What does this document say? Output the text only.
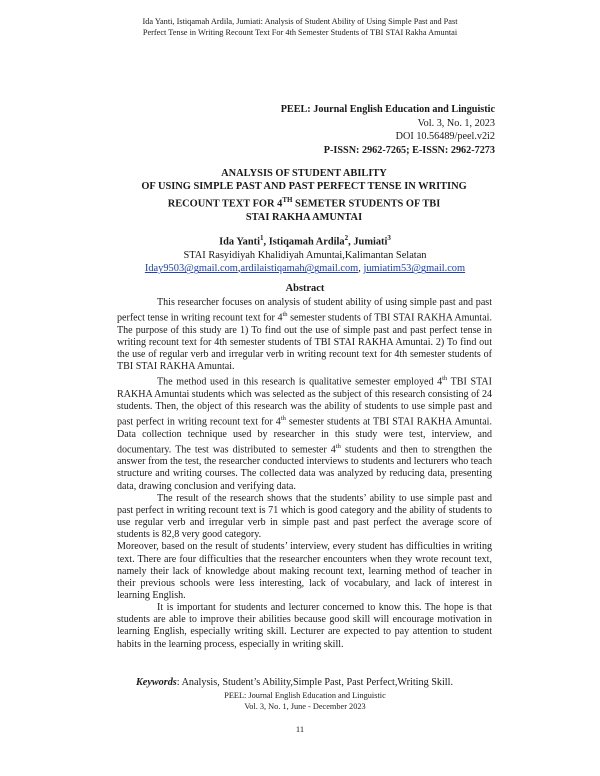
Ida Yanti, Istiqamah Ardila, Jumiati: Analysis of Student Ability of Using Simple Past and Past
Perfect Tense in Writing Recount Text For 4th Semester Students of TBI STAI Rakha Amuntai
PEEL: Journal English Education and Linguistic
Vol. 3, No. 1, 2023
DOI 10.56489/peel.v2i2
P-ISSN: 2962-7265; E-ISSN: 2962-7273
ANALYSIS OF STUDENT ABILITY
OF USING SIMPLE PAST AND PAST PERFECT TENSE IN WRITING
RECOUNT TEXT FOR 4TH SEMETER STUDENTS OF TBI
STAI RAKHA AMUNTAI
Ida Yanti$^1$, Istiqamah Ardila$^2$, Jumiati$^3$
STAI Rasyidiyah Khalidiyah Amuntai,Kalimantan Selatan
Iday9503@gmail.com,ardilaistiqamah@gmail.com, jumiatim53@gmail.com
Abstract

This researcher focuses on analysis of student ability of using simple past and past perfect tense in writing recount text for 4th semester students of TBI STAI RAKHA Amuntai. The purpose of this study are 1) To find out the use of simple past and past perfect tense in writing recount text for 4th semester students of TBI STAI RAKHA Amuntai. 2) To find out the use of regular verb and irregular verb in writing recount text for 4th semester students of TBI STAI RAKHA Amuntai.

The method used in this research is qualitative semester employed 4th TBI STAI RAKHA Amuntai students which was selected as the subject of this research consisting of 24 students. Then, the object of this research was the ability of students to use simple past and past perfect in writing recount text for 4th semester students at TBI STAI RAKHA Amuntai. Data collection technique used by researcher in this study were test, interview, and documentary. The test was distributed to semester 4th students and then to strengthen the answer from the test, the researcher conducted interviews to students and lecturers who teach structure and writing courses. The collected data was analyzed by reducing data, presenting data, drawing conclusion and verifying data.

The result of the research shows that the students’ ability to use simple past and past perfect in writing recount text is 71 which is good category and the ability of students to use regular verb and irregular verb in simple past and past perfect the average score of students is 82,8 very good category.

Moreover, based on the result of students’ interview, every student has difficulties in writing text. There are four difficulties that the researcher encounters when they wrote recount text, namely their lack of knowledge about making recount text, learning method of teacher in their previous schools were less interesting, lack of vocabulary, and lack of interest in learning English.

It is important for students and lecturer concerned to know this. The hope is that students are able to improve their abilities because good skill will encourage motivation in learning English, especially writing skill. Lecturer are expected to pay attention to student habits in the learning process, especially in writing skill.

Keywords: Analysis, Student’s Ability,Simple Past, Past Perfect,Writing Skill.
PEEL: Journal English Education and Linguistic
Vol. 3, No. 1, June - December 2023
11
